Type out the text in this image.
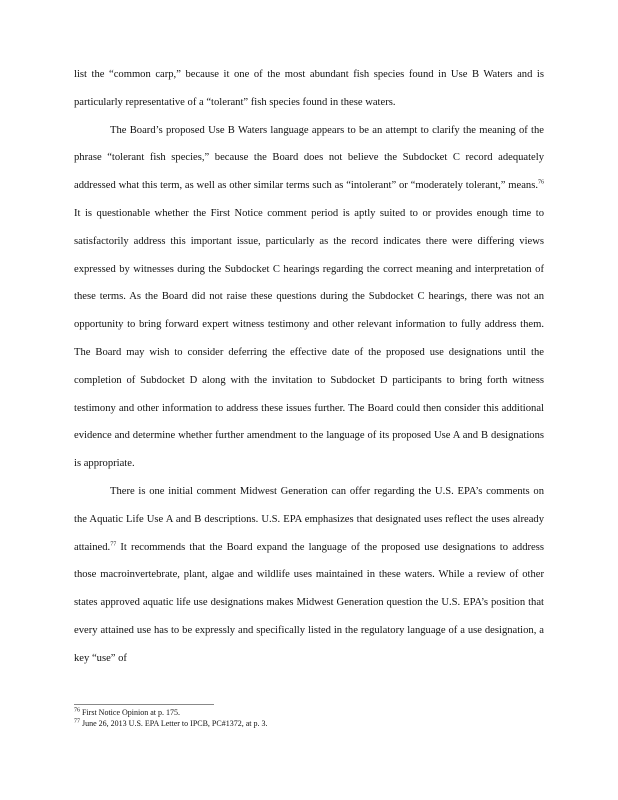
list the “common carp,” because it one of the most abundant fish species found in Use B Waters and is particularly representative of a “tolerant” fish species found in these waters.

The Board’s proposed Use B Waters language appears to be an attempt to clarify the meaning of the phrase “tolerant fish species,” because the Board does not believe the Subdocket C record adequately addressed what this term, as well as other similar terms such as “intolerant” or “moderately tolerant,” means.$^{76}$ It is questionable whether the First Notice comment period is aptly suited to or provides enough time to satisfactorily address this important issue, particularly as the record indicates there were differing views expressed by witnesses during the Subdocket C hearings regarding the correct meaning and interpretation of these terms. As the Board did not raise these questions during the Subdocket C hearings, there was not an opportunity to bring forward expert witness testimony and other relevant information to fully address them. The Board may wish to consider deferring the effective date of the proposed use designations until the completion of Subdocket D along with the invitation to Subdocket D participants to bring forth witness testimony and other information to address these issues further. The Board could then consider this additional evidence and determine whether further amendment to the language of its proposed Use A and B designations is appropriate.

There is one initial comment Midwest Generation can offer regarding the U.S. EPA’s comments on the Aquatic Life Use A and B descriptions. U.S. EPA emphasizes that designated uses reflect the uses already attained.$^{77}$ It recommends that the Board expand the language of the proposed use designations to address those macroinvertebrate, plant, algae and wildlife uses maintained in these waters. While a review of other states approved aquatic life use designations makes Midwest Generation question the U.S. EPA’s position that every attained use has to be expressly and specifically listed in the regulatory language of a use designation, a key “use” of

$^{76}$ First Notice Opinion at p. 175.
$^{77}$ June 26, 2013 U.S. EPA Letter to IPCB, PC#1372, at p. 3.
